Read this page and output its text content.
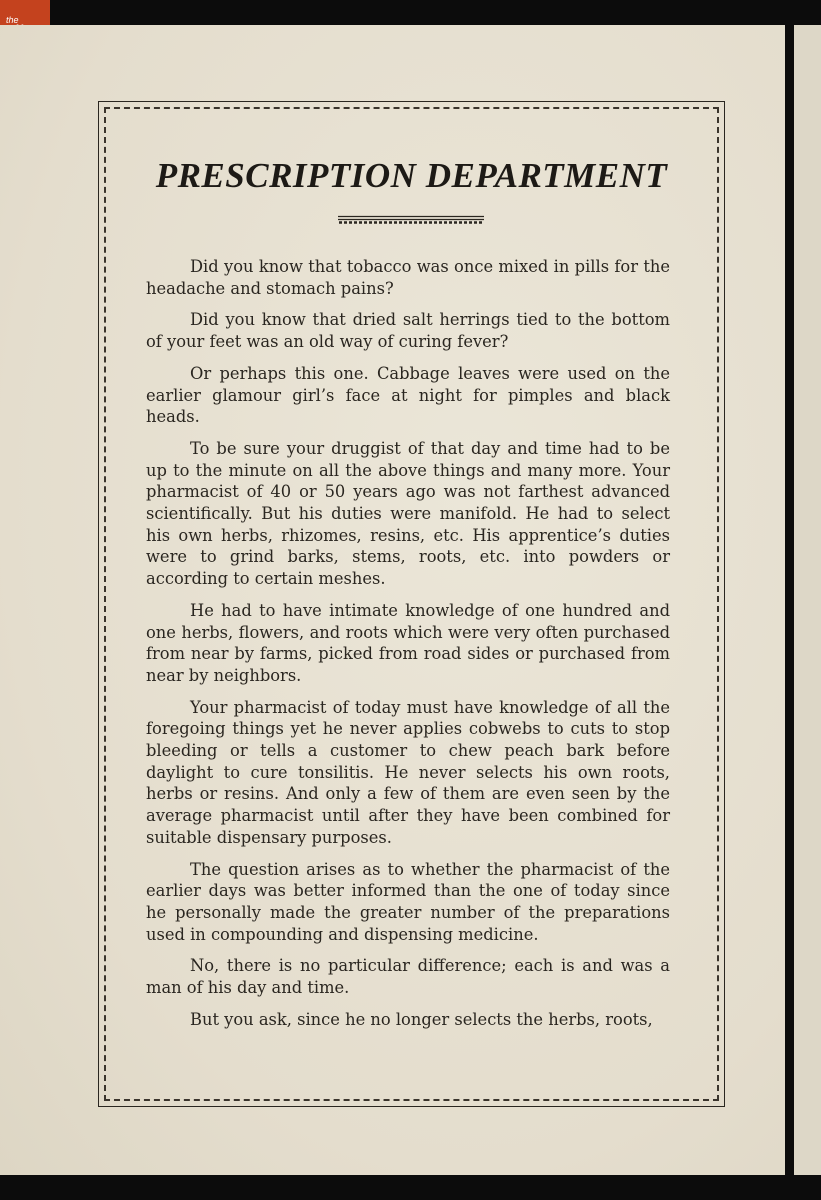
the
PRESCRIPTION DEPARTMENT

Did you know that tobacco was once mixed in pills for the headache and stomach pains?

Did you know that dried salt herrings tied to the bottom of your feet was an old way of curing fever?

Or perhaps this one. Cabbage leaves were used on the earlier glamour girl’s face at night for pimples and black heads.

To be sure your druggist of that day and time had to be up to the minute on all the above things and many more. Your pharmacist of 40 or 50 years ago was not farthest advanced scientifically. But his duties were manifold. He had to select his own herbs, rhizomes, resins, etc. His apprentice’s duties were to grind barks, stems, roots, etc. into powders or according to certain meshes.

He had to have intimate knowledge of one hundred and one herbs, flowers, and roots which were very often purchased from near by farms, picked from road sides or purchased from near by neighbors.

Your pharmacist of today must have knowledge of all the foregoing things yet he never applies cobwebs to cuts to stop bleeding or tells a customer to chew peach bark before daylight to cure tonsilitis. He never selects his own roots, herbs or resins. And only a few of them are even seen by the average pharmacist until after they have been combined for suitable dispensary purposes.

The question arises as to whether the pharmacist of the earlier days was better informed than the one of today since he personally made the greater number of the preparations used in compounding and dispensing medicine.

No, there is no particular difference; each is and was a man of his day and time.

But you ask, since he no longer selects the herbs, roots,
